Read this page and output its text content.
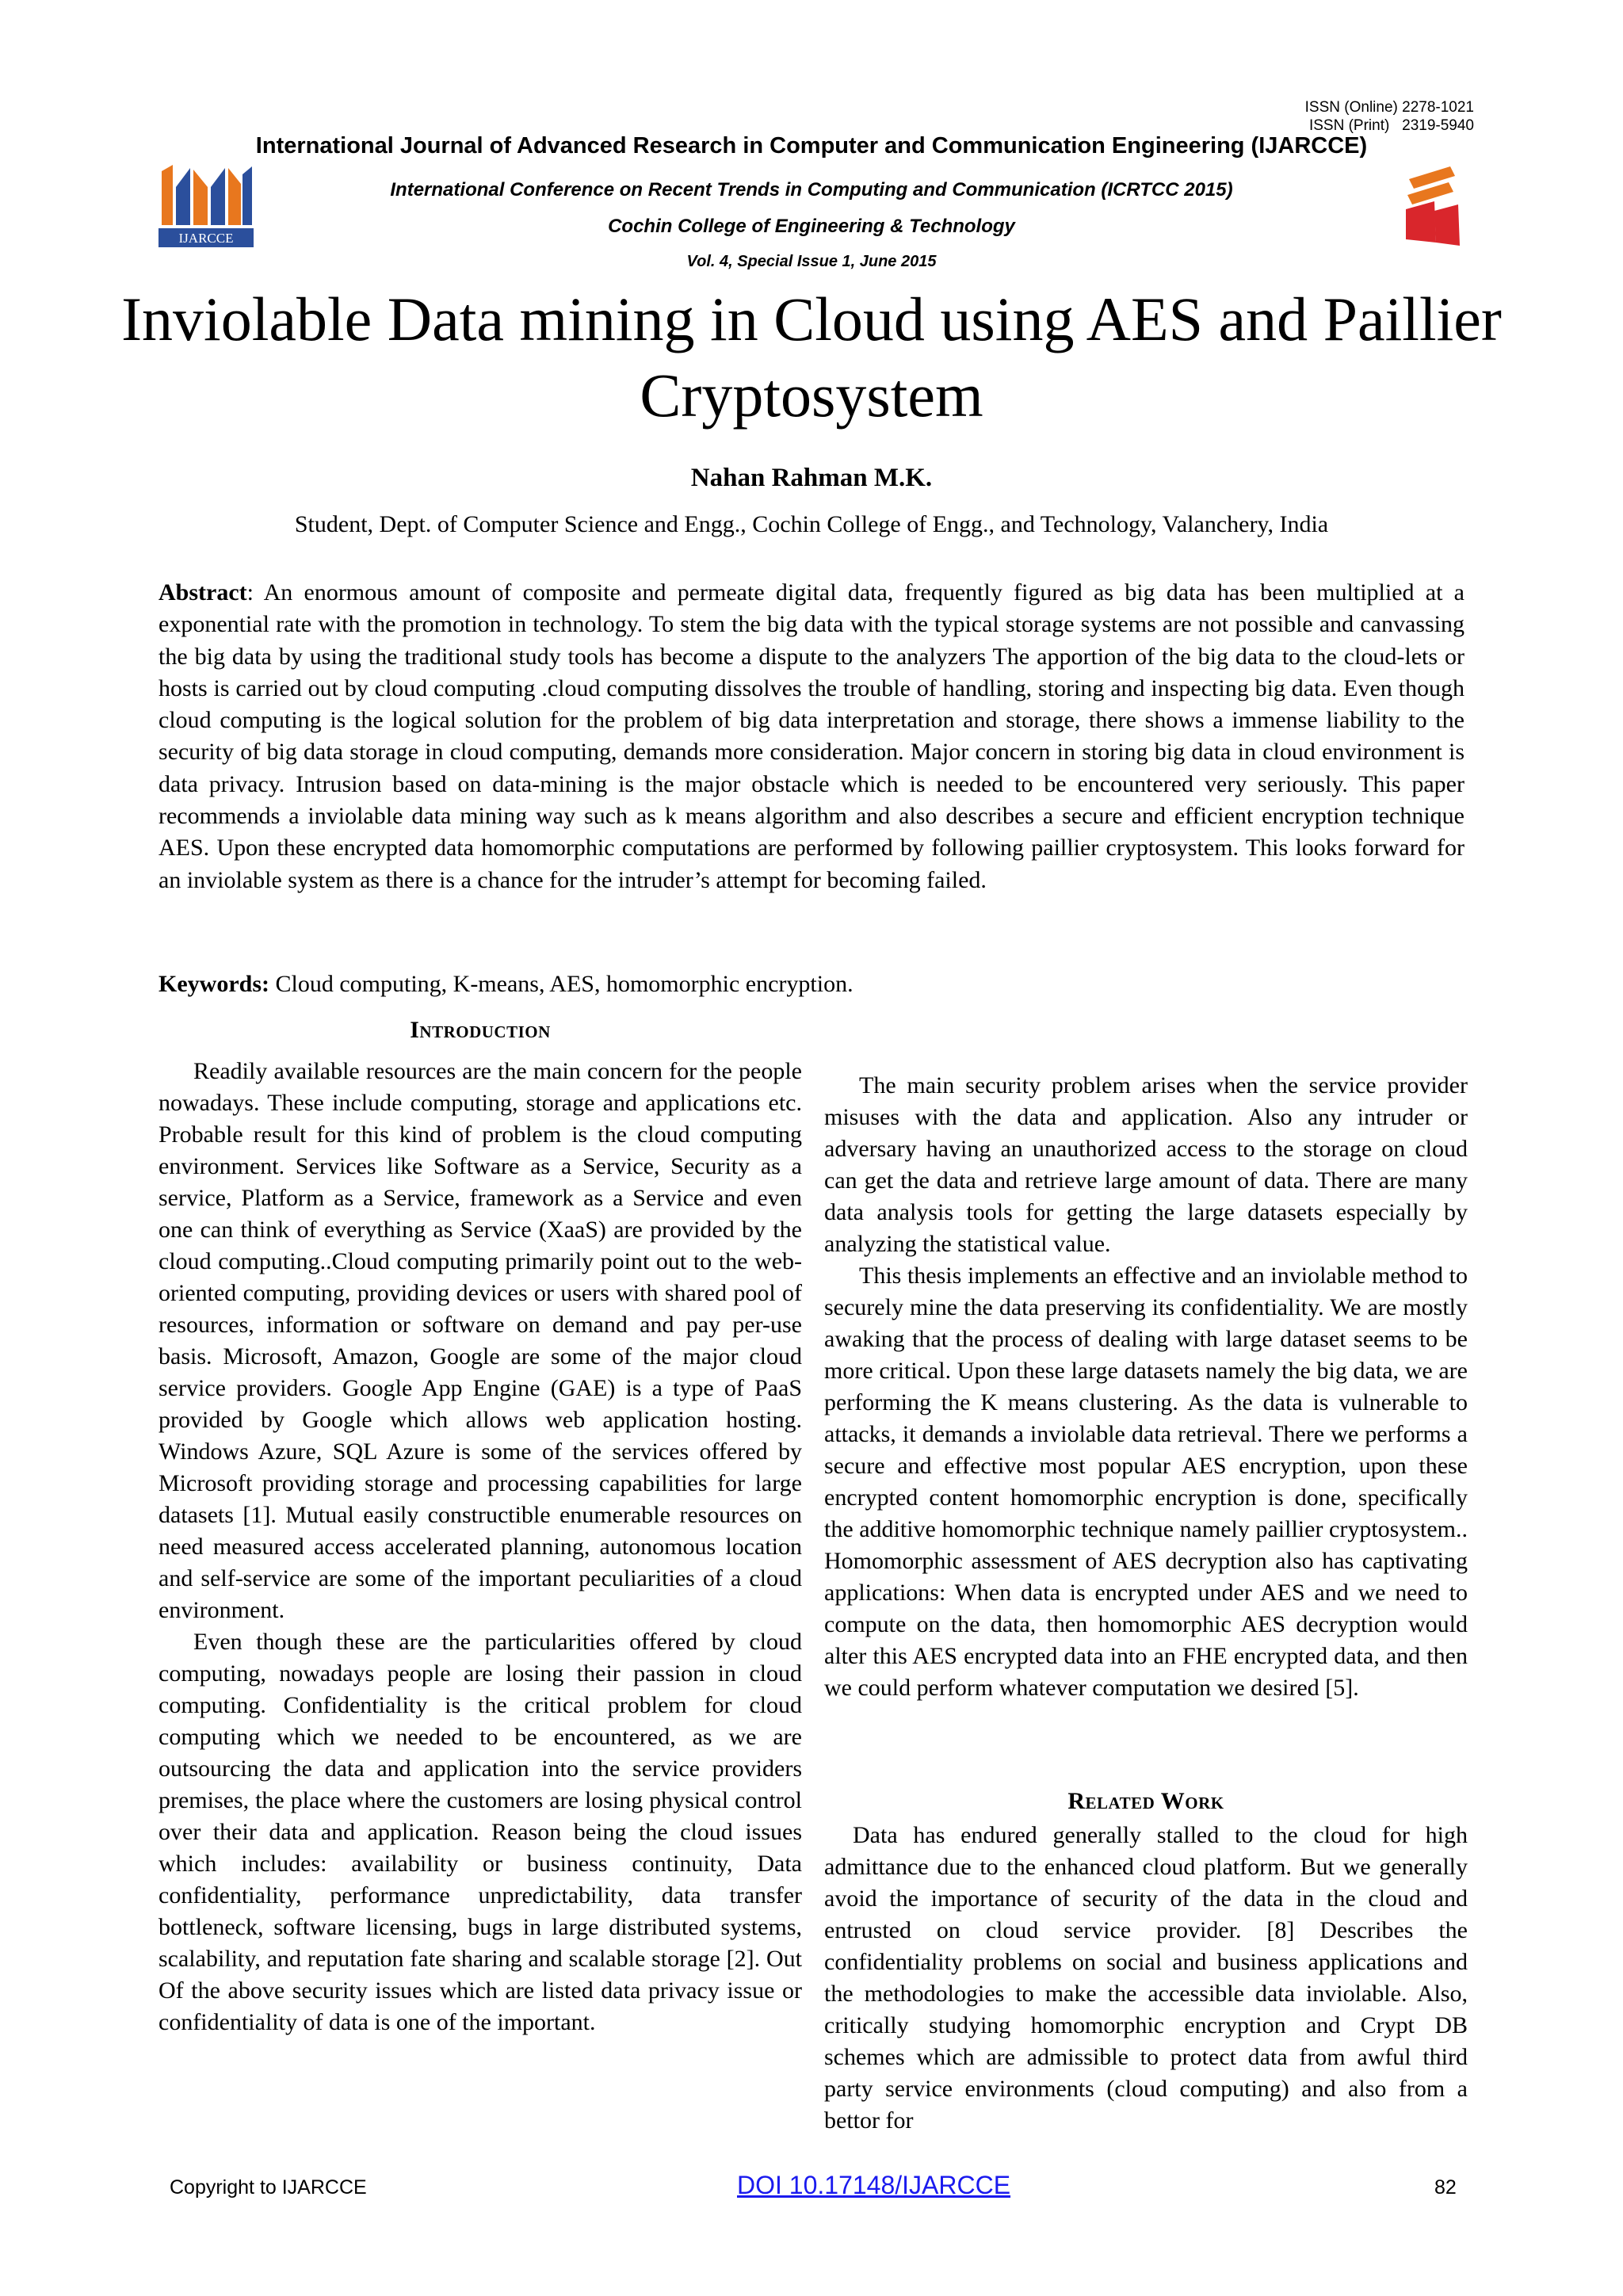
ISSN (Online) 2278-1021
ISSN (Print)   2319-5940
International Journal of Advanced Research in Computer and Communication Engineering (IJARCCE)
IJARCCE
International Conference on Recent Trends in Computing and Communication (ICRTCC 2015)
Cochin College of Engineering & Technology
Vol. 4, Special Issue 1, June 2015
Inviolable Data mining in Cloud using AES and Paillier Cryptosystem
Nahan Rahman M.K.
Student, Dept. of Computer Science and Engg., Cochin College of Engg., and Technology, Valanchery, India
Abstract: An enormous amount of composite and permeate digital data, frequently figured as big data has been multiplied at a exponential rate with the promotion in technology. To stem the big data with the typical storage systems are not possible and canvassing the big data by using the traditional study tools has become a dispute to the analyzers The apportion of the big data to the cloud-lets or hosts is carried out by cloud computing .cloud computing dissolves the trouble of handling, storing and inspecting big data. Even though cloud computing is the logical solution for the problem of big data interpretation and storage, there shows a immense liability to the security of big data storage in cloud computing, demands more consideration. Major concern in storing big data in cloud environment is data privacy. Intrusion based on data-mining is the major obstacle which is needed to be encountered very seriously. This paper recommends a inviolable data mining way such as k means algorithm and also describes a secure and efficient encryption technique AES. Upon these encrypted data homomorphic computations are performed by following paillier cryptosystem. This looks forward for an inviolable system as there is a chance for the intruder’s attempt for becoming failed.
Keywords: Cloud computing, K-means, AES, homomorphic encryption.
Introduction

Readily available resources are the main concern for the people nowadays. These include computing, storage and applications etc. Probable result for this kind of problem is the cloud computing environment. Services like Software as a Service, Security as a service, Platform as a Service, framework as a Service and even one can think of everything as Service (XaaS) are provided by the cloud computing..Cloud computing primarily point out to the web-oriented computing, providing devices or users with shared pool of resources, information or software on demand and pay per-use basis. Microsoft, Amazon, Google are some of the major cloud service providers. Google App Engine (GAE) is a type of PaaS provided by Google which allows web application hosting. Windows Azure, SQL Azure is some of the services offered by Microsoft providing storage and processing capabilities for large datasets [1]. Mutual easily constructible enumerable resources on need measured access accelerated planning, autonomous location and self-service are some of the important peculiarities of a cloud environment.

Even though these are the particularities offered by cloud computing, nowadays people are losing their passion in cloud computing. Confidentiality is the critical problem for cloud computing which we needed to be encountered, as we are outsourcing the data and application into the service providers premises, the place where the customers are losing physical control over their data and application. Reason being the cloud issues which includes: availability or business continuity, Data confidentiality, performance unpredictability, data transfer bottleneck, software licensing, bugs in large distributed systems, scalability, and reputation fate sharing and scalable storage [2]. Out Of the above security issues which are listed data privacy issue or confidentiality of data is one of the important.

The main security problem arises when the service provider misuses with the data and application. Also any intruder or adversary having an unauthorized access to the storage on cloud can get the data and retrieve large amount of data. There are many data analysis tools for getting the large datasets especially by analyzing the statistical value.

This thesis implements an effective and an inviolable method to securely mine the data preserving its confidentiality. We are mostly awaking that the process of dealing with large dataset seems to be more critical. Upon these large datasets namely the big data, we are performing the K means clustering. As the data is vulnerable to attacks, it demands a inviolable data retrieval. There we performs a secure and effective most popular AES encryption, upon these encrypted content homomorphic encryption is done, specifically the additive homomorphic technique namely paillier cryptosystem.. Homomorphic assessment of AES decryption also has captivating applications: When data is encrypted under AES and we need to compute on the data, then homomorphic AES decryption would alter this AES encrypted data into an FHE encrypted data, and then we could perform whatever computation we desired [5].

Related Work

Data has endured generally stalled to the cloud for high admittance due to the enhanced cloud platform. But we generally avoid the importance of security of the data in the cloud and entrusted on cloud service provider. [8] Describes the confidentiality problems on social and business applications and the methodologies to make the accessible data inviolable. Also, critically studying homomorphic encryption and Crypt DB schemes which are admissible to protect data from awful third party service environments (cloud computing) and also from a bettor for

Copyright to IJARCCE	DOI 10.17148/IJARCCE	82
